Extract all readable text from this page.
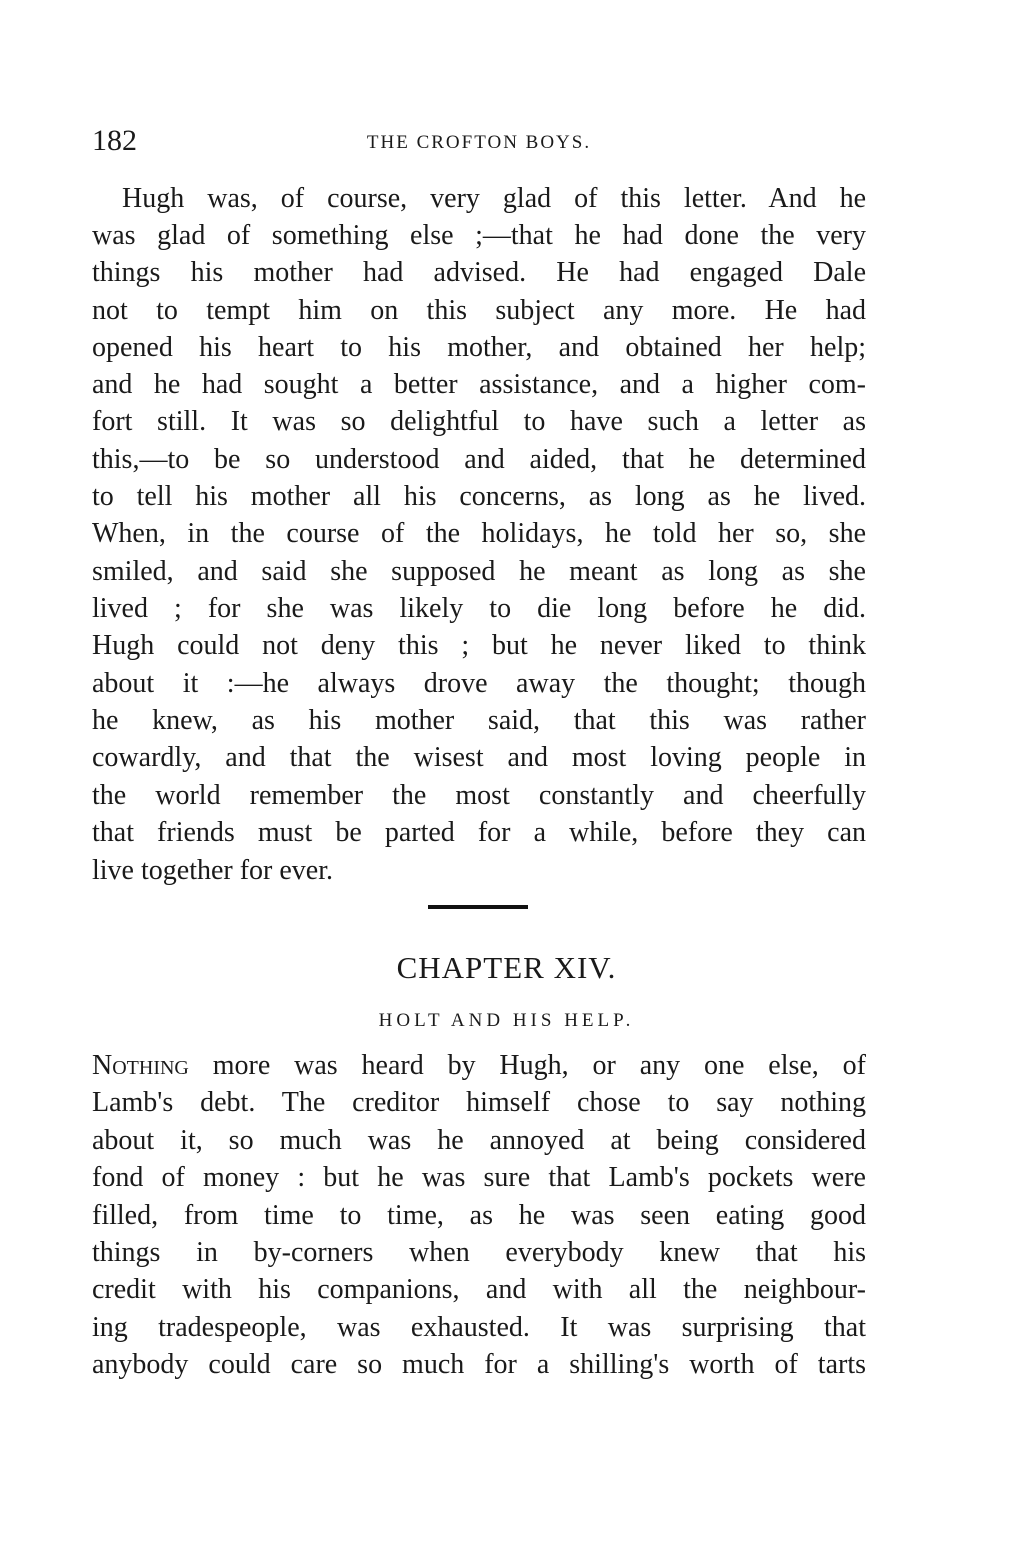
182	THE CROFTON BOYS.
Hugh was, of course, very glad of this letter. And he
was glad of something else ;—that he had done the very
things his mother had advised. He had engaged Dale
not to tempt him on this subject any more. He had
opened his heart to his mother, and obtained her help;
and he had sought a better assistance, and a higher com-
fort still. It was so delightful to have such a letter as
this,—to be so understood and aided, that he determined
to tell his mother all his concerns, as long as he lived.
When, in the course of the holidays, he told her so, she
smiled, and said she supposed he meant as long as she
lived ; for she was likely to die long before he did.
Hugh could not deny this ; but he never liked to think
about it :—he always drove away the thought; though
he knew, as his mother said, that this was rather
cowardly, and that the wisest and most loving people in
the world remember the most constantly and cheerfully
that friends must be parted for a while, before they can
live together for ever.
CHAPTER XIV.
HOLT AND HIS HELP.
Nothing more was heard by Hugh, or any one else, of
Lamb's debt. The creditor himself chose to say nothing
about it, so much was he annoyed at being considered
fond of money : but he was sure that Lamb's pockets were
filled, from time to time, as he was seen eating good
things in by-corners when everybody knew that his
credit with his companions, and with all the neighbour-
ing tradespeople, was exhausted. It was surprising that
anybody could care so much for a shilling's worth of tarts
